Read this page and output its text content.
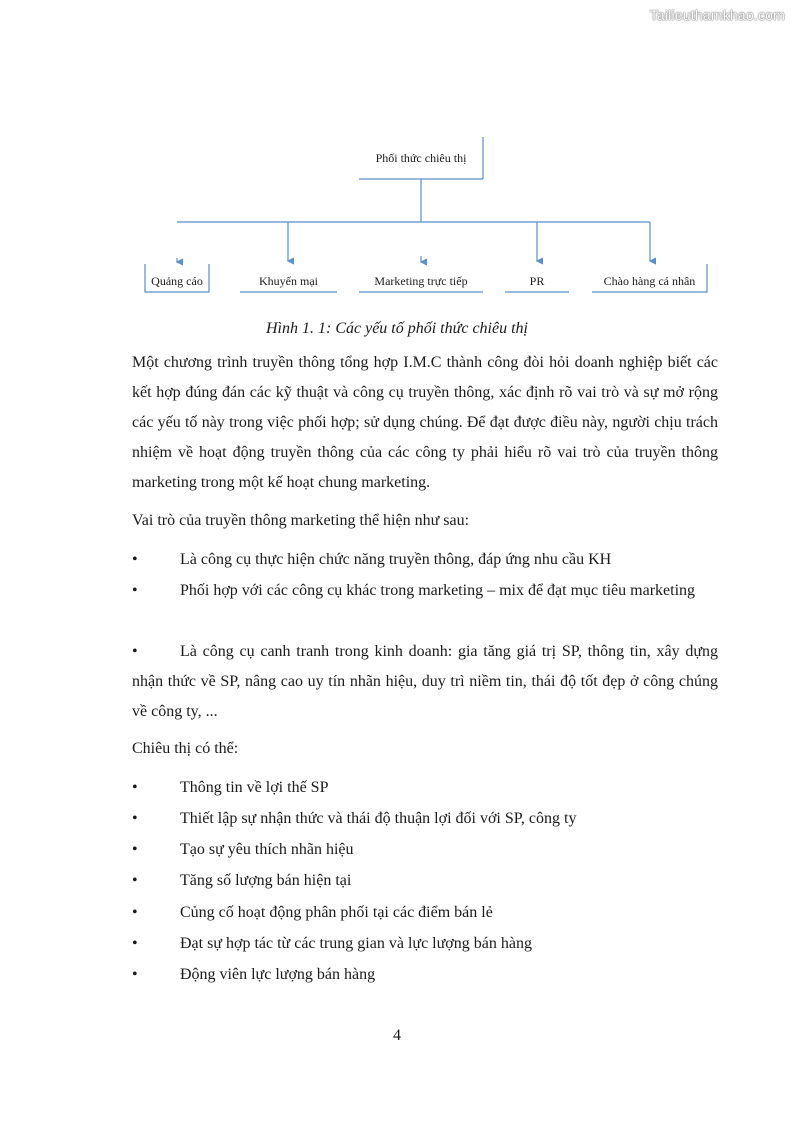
Tailieuthamkhao.com
Phối thức chiêu thị
Quảng cáo	Khuyến mại	Marketing trực tiếp	PR	Chào hàng cá nhân
Hình 1. 1: Các yếu tố phối thức chiêu thị
Một chương trình truyền thông tổng hợp I.M.C thành công đòi hỏi doanh nghiệp biết các kết hợp đúng đán các kỹ thuật và công cụ truyền thông, xác định rõ vai trò và sự mở rộng các yếu tố này trong việc phối hợp; sử dụng chúng. Để đạt được điều này, người chịu trách nhiệm về hoạt động truyền thông của các công ty phải hiểu rõ vai trò của truyền thông marketing trong một kế hoạt chung marketing.
Vai trò của truyền thông marketing thể hiện như sau:
•	Là công cụ thực hiện chức năng truyền thông, đáp ứng nhu cầu KH
•	Phối hợp với các công cụ khác trong marketing – mix để đạt mục tiêu marketing
•	Là công cụ canh tranh trong kinh doanh: gia tăng giá trị SP, thông tin, xây dựng nhận thức về SP, nâng cao uy tín nhãn hiệu, duy trì niềm tin, thái độ tốt đẹp ở công chúng về công ty, ...
Chiêu thị có thể:
•	Thông tin về lợi thế SP
•	Thiết lập sự nhận thức và thái độ thuận lợi đối với SP, công ty
•	Tạo sự yêu thích nhãn hiệu
•	Tăng số lượng bán hiện tại
•	Củng cố hoạt động phân phối tại các điểm bán lẻ
•	Đạt sự hợp tác từ các trung gian và lực lượng bán hàng
•	Động viên lực lượng bán hàng
4
